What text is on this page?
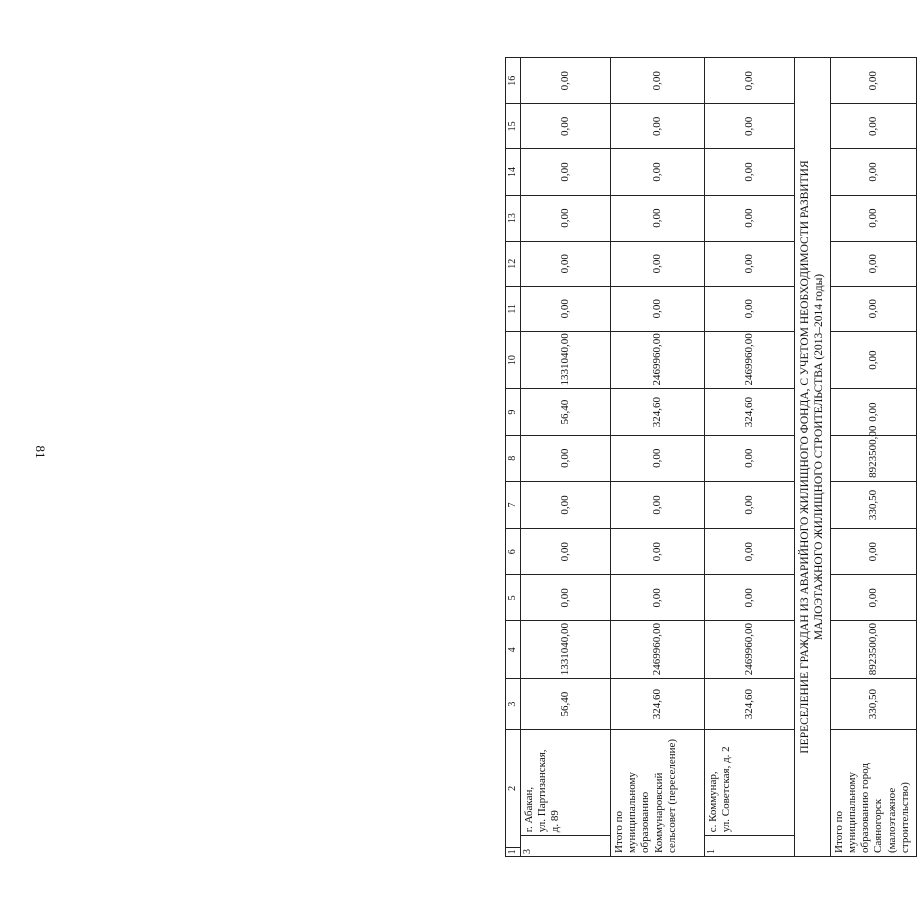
81
1	2		3	4	5	6	7	8	9	10	11	12	13	14	15	16
3		г. Абакан, ул. Партизанская, д. 89	56,40	1331040,00	0,00	0,00	0,00	0,00	56,40	1331040,00	0,00	0,00	0,00	0,00	0,00	0,00

Итого по муниципальному образованию Коммунаровский сельсовет (переселение)			324,60	2469960,00	0,00	0,00	0,00	0,00	324,60	2469960,00	0,00	0,00	0,00	0,00	0,00	0,00
1		с. Коммунар, ул. Советская, д. 2	324,60	2469960,00	0,00	0,00	0,00	0,00	324,60	2469960,00	0,00	0,00	0,00	0,00	0,00	0,00

ПЕРЕСЕЛЕНИЕ ГРАЖДАН ИЗ АВАРИЙНОГО ЖИЛИЩНОГО ФОНДА, С УЧЕТОМ НЕОБХОДИМОСТИ РАЗВИТИЯ МАЛОЭТАЖНОГО ЖИЛИЩНОГО СТРОИТЕЛЬСТВА (2013–2014 годы)																

Итого по муниципальному образованию город Саяногорск (малоэтажное строительство)			330,50	8923500,00	0,00	0,00	330,50	8923500,00	0,00	0,00	0,00	0,00	0,00	0,00	0,00	0,00
